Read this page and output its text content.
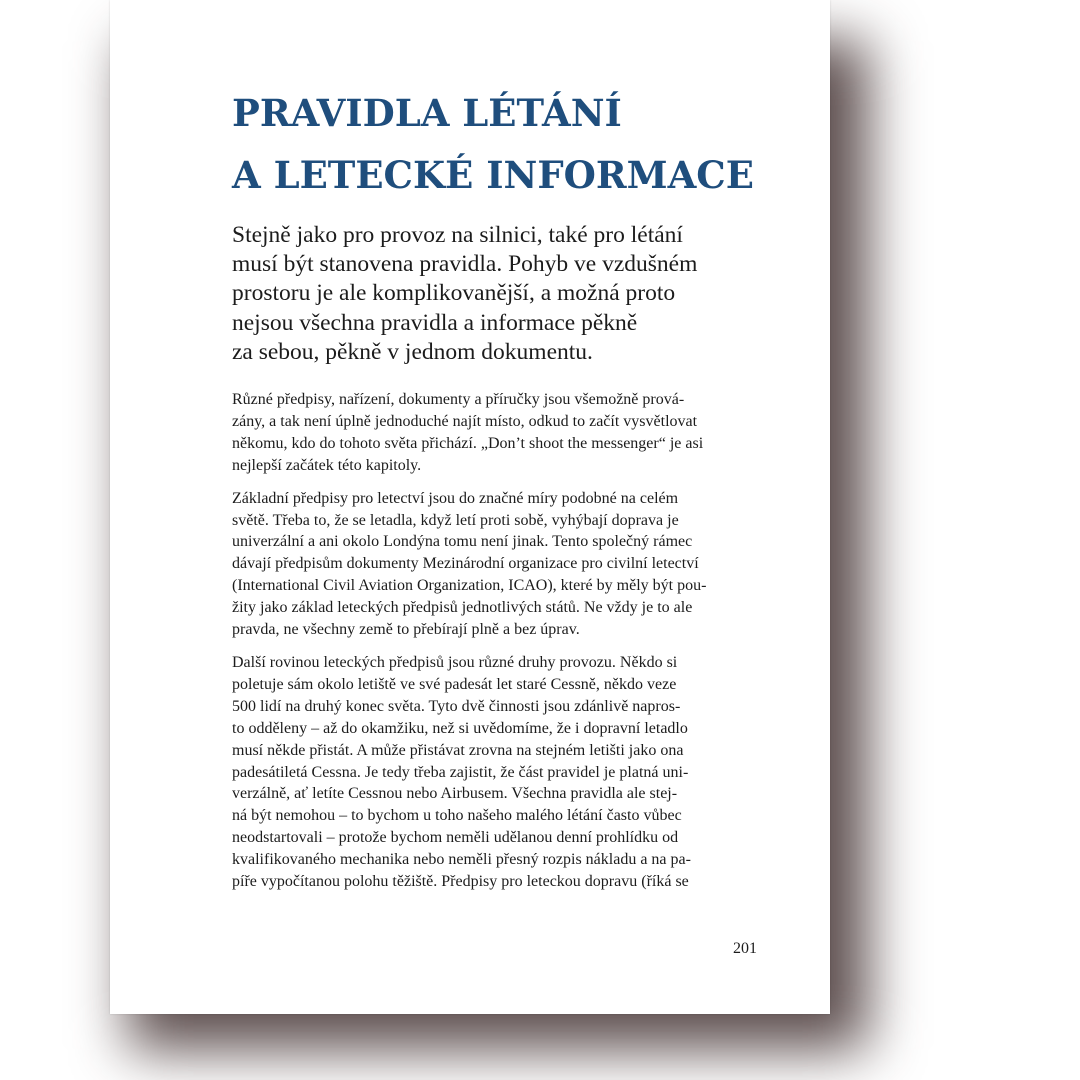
PRAVIDLA LÉTÁNÍ
A LETECKÉ INFORMACE
Stejně jako pro provoz na silnici, také pro létání
musí být stanovena pravidla. Pohyb ve vzdušném
prostoru je ale komplikovanější, a možná proto
nejsou všechna pravidla a informace pěkně
za sebou, pěkně v jednom dokumentu.

Různé předpisy, nařízení, dokumenty a příručky jsou všemožně prová-
zány, a tak není úplně jednoduché najít místo, odkud to začít vysvětlovat
někomu, kdo do tohoto světa přichází. „Don’t shoot the messenger“ je asi
nejlepší začátek této kapitoly.

Základní předpisy pro letectví jsou do značné míry podobné na celém
světě. Třeba to, že se letadla, když letí proti sobě, vyhýbají doprava je
univerzální a ani okolo Londýna tomu není jinak. Tento společný rámec
dávají předpisům dokumenty Mezinárodní organizace pro civilní letectví
(International Civil Aviation Organization, ICAO), které by měly být pou-
žity jako základ leteckých předpisů jednotlivých států. Ne vždy je to ale
pravda, ne všechny země to přebírají plně a bez úprav.

Další rovinou leteckých předpisů jsou různé druhy provozu. Někdo si
poletuje sám okolo letiště ve své padesát let staré Cessně, někdo veze
500 lidí na druhý konec světa. Tyto dvě činnosti jsou zdánlivě napros-
to odděleny – až do okamžiku, než si uvědomíme, že i dopravní letadlo
musí někde přistát. A může přistávat zrovna na stejném letišti jako ona
padesátiletá Cessna. Je tedy třeba zajistit, že část pravidel je platná uni-
verzálně, ať letíte Cessnou nebo Airbusem. Všechna pravidla ale stej-
ná být nemohou – to bychom u toho našeho malého létání často vůbec
neodstartovali – protože bychom neměli udělanou denní prohlídku od
kvalifikovaného mechanika nebo neměli přesný rozpis nákladu a na pa-
píře vypočítanou polohu těžiště. Předpisy pro leteckou dopravu (říká se

201
